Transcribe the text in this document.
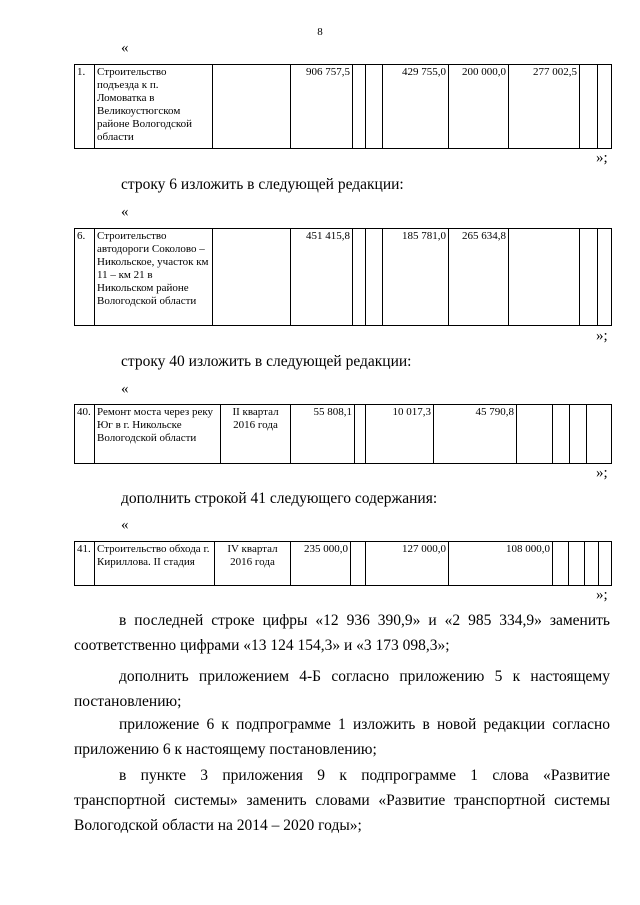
8
«
1.	Строительство подъезда к п. Ломоватка в Великоустюгском районе Вологодской области		906 757,5			429 755,0	200 000,0	277 002,5		
»;
строку 6 изложить в следующей редакции:
«
6.	Строительство автодороги Соколово – Никольское, участок км 11 – км 21 в Никольском районе Вологодской области		451 415,8			185 781,0	265 634,8			
»;
строку 40 изложить в следующей редакции:
«
40.	Ремонт моста через реку Юг в г. Никольске Вологодской области	II квартал 2016 года	55 808,1		10 017,3	45 790,8				
»;
дополнить строкой 41 следующего содержания:
«
41.	Строительство обхода г. Кириллова. II стадия	IV квартал 2016 года	235 000,0		127 000,0	108 000,0				
»;
в последней строке цифры «12 936 390,9» и «2 985 334,9» заменить соответственно цифрами «13 124 154,3» и «3 173 098,3»;
дополнить приложением 4-Б согласно приложению 5 к настоящему постановлению;
приложение 6 к подпрограмме 1 изложить в новой редакции согласно приложению 6 к настоящему постановлению;
в пункте 3 приложения 9 к подпрограмме 1 слова «Развитие транспортной системы» заменить словами «Развитие транспортной системы Вологодской области на 2014 – 2020 годы»;
